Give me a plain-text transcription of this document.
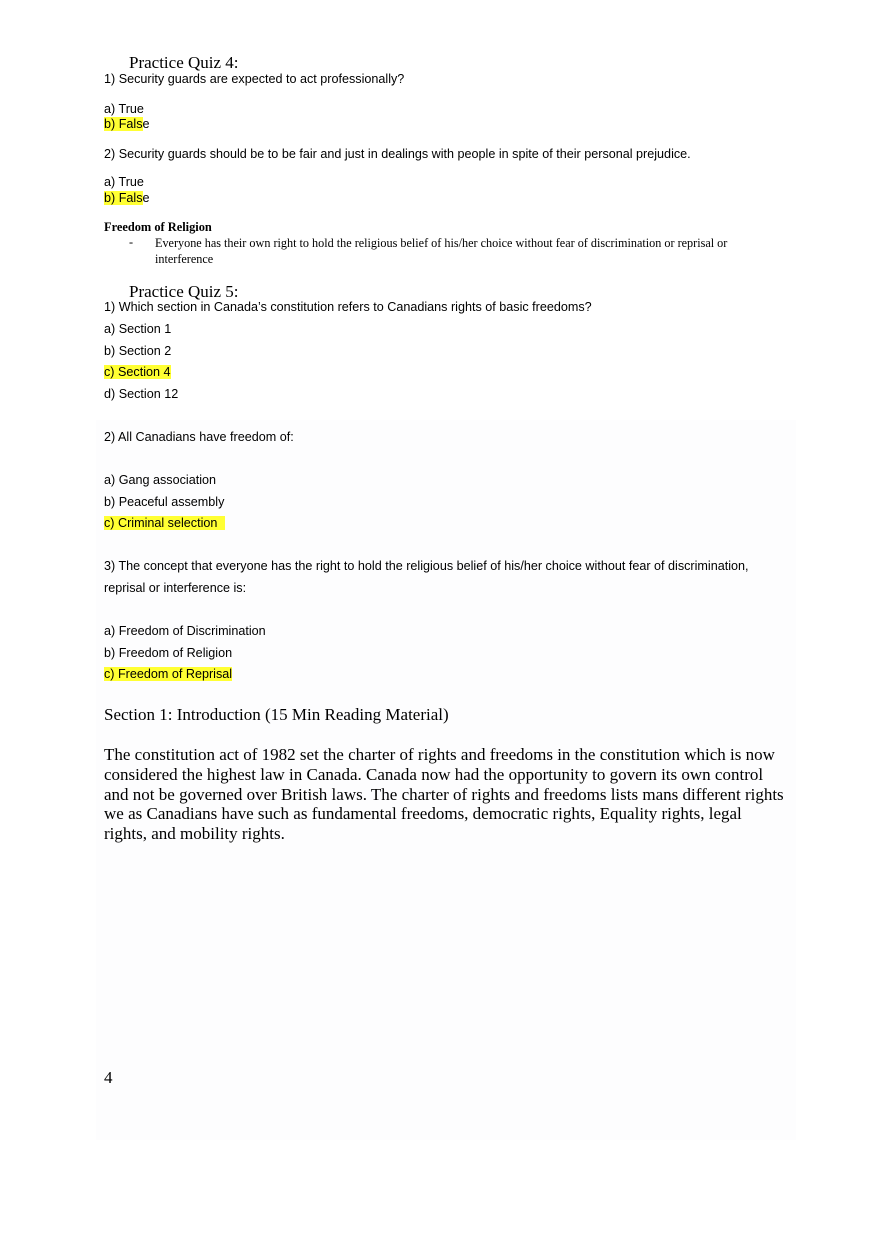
Practice Quiz 4:
1) Security guards are expected to act professionally?
a) True
b) False
2) Security guards should be to be fair and just in dealings with people in spite of their personal prejudice.
a) True
b) False
Freedom of Religion
- Everyone has their own right to hold the religious belief of his/her choice without fear of discrimination or reprisal or interference
Practice Quiz 5:
1) Which section in Canada’s constitution refers to Canadians rights of basic freedoms?
a) Section 1
b) Section 2
c) Section 4
d) Section 12
2) All Canadians have freedom of:
a) Gang association
b) Peaceful assembly
c) Criminal selection
3) The concept that everyone has the right to hold the religious belief of his/her choice without fear of discrimination,
reprisal or interference is:
a) Freedom of Discrimination
b) Freedom of Religion
c) Freedom of Reprisal
Section 1: Introduction (15 Min Reading Material)
The constitution act of 1982 set the charter of rights and freedoms in the constitution which is now considered the highest law in Canada. Canada now had the opportunity to govern its own control and not be governed over British laws. The charter of rights and freedoms lists mans different rights we as Canadians have such as fundamental freedoms, democratic rights, Equality rights, legal rights, and mobility rights.
4
